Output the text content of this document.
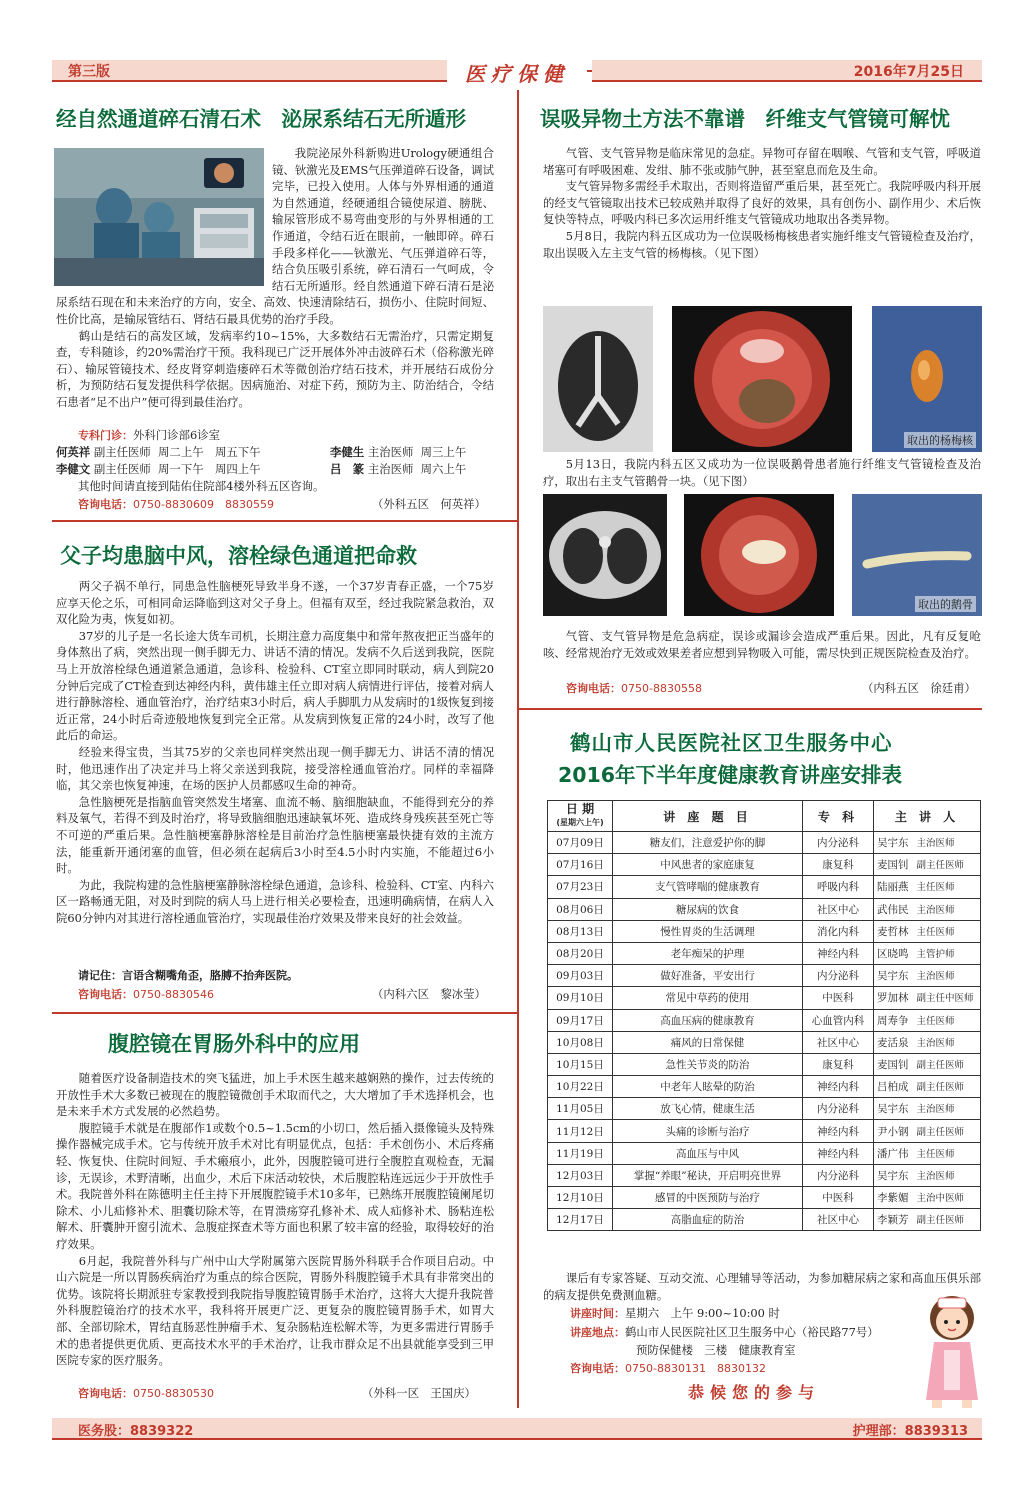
第三版	医疗保健	2016年7月25日
经自然通道碎石清石术　泌尿系结石无所遁形

我院泌尿外科新购进Urology硬通组合镜、钬激光及EMS气压弹道碎石设备，调试完毕，已投入使用。人体与外界相通的通道为自然通道，经硬通组合镜使尿道、膀胱、输尿管形成不易弯曲变形的与外界相通的工作通道，令结石近在眼前，一触即碎。碎石手段多样化——钬激光、气压弹道碎石等，结合负压吸引系统，碎石清石一气呵成，令结石无所遁形。经自然通道下碎石清石是泌尿系结石现在和未来治疗的方向，安全、高效、快速清除结石，损伤小、住院时间短、性价比高，是输尿管结石、肾结石最具优势的治疗手段。

鹤山是结石的高发区域，发病率约10~15%，大多数结石无需治疗，只需定期复查，专科随诊，约20%需治疗干预。我科现已广泛开展体外冲击波碎石术（俗称激光碎石）、输尿管镜技术、经皮肾穿刺造瘘碎石术等微创治疗结石技术，并开展结石成份分析，为预防结石复发提供科学依据。因病施治、对症下药，预防为主、防治结合，令结石患者“足不出户”便可得到最佳治疗。

专科门诊：外科门诊部6诊室
何英祥 副主任医师 周二上午　周五下午	李健生 主治医师 周三上午
李健文 副主任医师 周一下午　周四上午	吕　篆 主治医师 周六上午
其他时间请直接到陆佑住院部4楼外科五区咨询。
咨询电话：0750-8830609　8830559	（外科五区　何英祥）
父子均患脑中风，溶栓绿色通道把命救

两父子祸不单行，同患急性脑梗死导致半身不遂，一个37岁青春正盛，一个75岁应享天伦之乐，可相同命运降临到这对父子身上。但福有双至，经过我院紧急救治，双双化险为夷，恢复如初。

37岁的儿子是一名长途大货车司机，长期注意力高度集中和常年熬夜把正当盛年的身体熬出了病，突然出现一侧手脚无力、讲话不清的情况。发病不久后送到我院，医院马上开放溶栓绿色通道紧急通道，急诊科、检验科、CT室立即同时联动，病人到院20分钟后完成了CT检查到达神经内科，黄伟雄主任立即对病人病情进行评估，接着对病人进行静脉溶栓、通血管治疗，治疗结束3小时后，病人手脚肌力从发病时的1级恢复到接近正常，24小时后奇迹般地恢复到完全正常。从发病到恢复正常的24小时，改写了他此后的命运。

经验来得宝贵，当其75岁的父亲也同样突然出现一侧手脚无力、讲话不清的情况时，他迅速作出了决定并马上将父亲送到我院，接受溶栓通血管治疗。同样的幸福降临，其父亲也恢复神速，在场的医护人员都感叹生命的神奇。

急性脑梗死是指脑血管突然发生堵塞、血流不畅、脑细胞缺血，不能得到充分的养料及氧气，若得不到及时治疗，将导致脑细胞迅速缺氧坏死、造成终身残疾甚至死亡等不可逆的严重后果。急性脑梗塞静脉溶栓是目前治疗急性脑梗塞最快捷有效的主流方法，能重新开通闭塞的血管，但必须在起病后3小时至4.5小时内实施，不能超过6小时。

为此，我院构建的急性脑梗塞静脉溶栓绿色通道，急诊科、检验科、CT室、内科六区一路畅通无阻，对及时到院的病人马上进行相关必要检查，迅速明确病情，在病人入院60分钟内对其进行溶栓通血管治疗，实现最佳治疗效果及带来良好的社会效益。

请记住：言语含糊嘴角歪，胳膊不抬奔医院。
咨询电话：0750-8830546	（内科六区　黎冰莹）
腹腔镜在胃肠外科中的应用

随着医疗设备制造技术的突飞猛进，加上手术医生越来越娴熟的操作，过去传统的开放性手术大多数已被现在的腹腔镜微创手术取而代之，大大增加了手术选择机会，也是未来手术方式发展的必然趋势。

腹腔镜手术就是在腹部作1或数个0.5~1.5cm的小切口，然后插入摄像镜头及特殊操作器械完成手术。它与传统开放手术对比有明显优点，包括：手术创伤小、术后疼痛轻、恢复快、住院时间短、手术瘢痕小，此外，因腹腔镜可进行全腹腔直观检查，无漏诊，无误诊，术野清晰，出血少，术后下床活动较快，术后腹腔粘连远远少于开放性手术。我院普外科在陈德明主任主持下开展腹腔镜手术10多年，已熟练开展腹腔镜阑尾切除术、小儿疝修补术、胆囊切除术等，在胃溃疡穿孔修补术、成人疝修补术、肠粘连松解术、肝囊肿开窗引流术、急腹症探查术等方面也积累了较丰富的经验，取得较好的治疗效果。

6月起，我院普外科与广州中山大学附属第六医院胃肠外科联手合作项目启动。中山六院是一所以胃肠疾病治疗为重点的综合医院，胃肠外科腹腔镜手术具有非常突出的优势。该院将长期派驻专家教授到我院指导腹腔镜胃肠手术治疗，这将大大提升我院普外科腹腔镜治疗的技术水平，我科将开展更广泛、更复杂的腹腔镜胃肠手术，如胃大部、全部切除术，胃结直肠恶性肿瘤手术、复杂肠粘连松解术等，为更多需进行胃肠手术的患者提供更优质、更高技术水平的手术治疗，让我市群众足不出县就能享受到三甲医院专家的医疗服务。

咨询电话：0750-8830530	（外科一区　王国庆）
误吸异物土方法不靠谱　纤维支气管镜可解忧

气管、支气管异物是临床常见的急症。异物可存留在咽喉、气管和支气管，呼吸道堵塞可有呼吸困难、发绀、肺不张或肺气肿，甚至窒息而危及生命。

支气管异物多需经手术取出，否则将造留严重后果，甚至死亡。我院呼吸内科开展的经支气管镜取出技术已较成熟并取得了良好的效果，具有创伤小、副作用少、术后恢复快等特点，呼吸内科已多次运用纤维支气管镜成功地取出各类异物。

5月8日，我院内科五区成功为一位误吸杨梅核患者实施纤维支气管镜检查及治疗，取出误吸入左主支气管的杨梅核。（见下图）

取出的杨梅核

5月13日，我院内科五区又成功为一位误吸鹅骨患者施行纤维支气管镜检查及治疗，取出右主支气管鹅骨一块。（见下图）

取出的鹅骨

气管、支气管异物是危急病症，误诊或漏诊会造成严重后果。因此，凡有反复呛咳、经常规治疗无效或效果差者应想到异物吸入可能，需尽快到正规医院检查及治疗。

咨询电话：0750-8830558	（内科五区　徐廷甫）
鹤山市人民医院社区卫生服务中心
2016年下半年度健康教育讲座安排表
日 期
(星期六上午)	讲 座 题 目	专 科	主 讲 人
07月09日	糖友们，注意爱护你的脚	内分泌科	吴宇东 主治医师
07月16日	中风患者的家庭康复	康复科	麦国钊 副主任医师
07月23日	支气管哮喘的健康教育	呼吸内科	陆丽燕 主任医师
08月06日	糖尿病的饮食	社区中心	武伟民 主治医师
08月13日	慢性胃炎的生活调理	消化内科	麦哲林 主任医师
08月20日	老年痴呆的护理	神经内科	区晓鸣 主管护师
09月03日	做好准备，平安出行	内分泌科	吴宇东 主治医师
09月10日	常见中草药的使用	中医科	罗加林 副主任中医师
09月17日	高血压病的健康教育	心血管内科	周寿争 主任医师
10月08日	痛风的日常保健	社区中心	麦活泉 主治医师
10月15日	急性关节炎的防治	康复科	麦国钊 副主任医师
10月22日	中老年人眩晕的防治	神经内科	吕柏成 副主任医师
11月05日	放飞心情，健康生活	内分泌科	吴宇东 主治医师
11月12日	头痛的诊断与治疗	神经内科	尹小钢 副主任医师
11月19日	高血压与中风	神经内科	潘广伟 主任医师
12月03日	掌握“养眼”秘诀，开启明亮世界	内分泌科	吴宇东 主治医师
12月10日	感冒的中医预防与治疗	中医科	李紫媚 主治中医师
12月17日	高脂血症的防治	社区中心	李颖芳 副主任医师

课后有专家答疑、互动交流、心理辅导等活动，为参加糖尿病之家和高血压俱乐部的病友提供免费测血糖。

讲座时间：星期六　上午 9:00~10:00 时
讲座地点：鹤山市人民医院社区卫生服务中心（裕民路77号）
预防保健楼　三楼　健康教育室
咨询电话：0750-8830131　8830132
恭候您的参与
医务股：8839322	护理部：8839313
